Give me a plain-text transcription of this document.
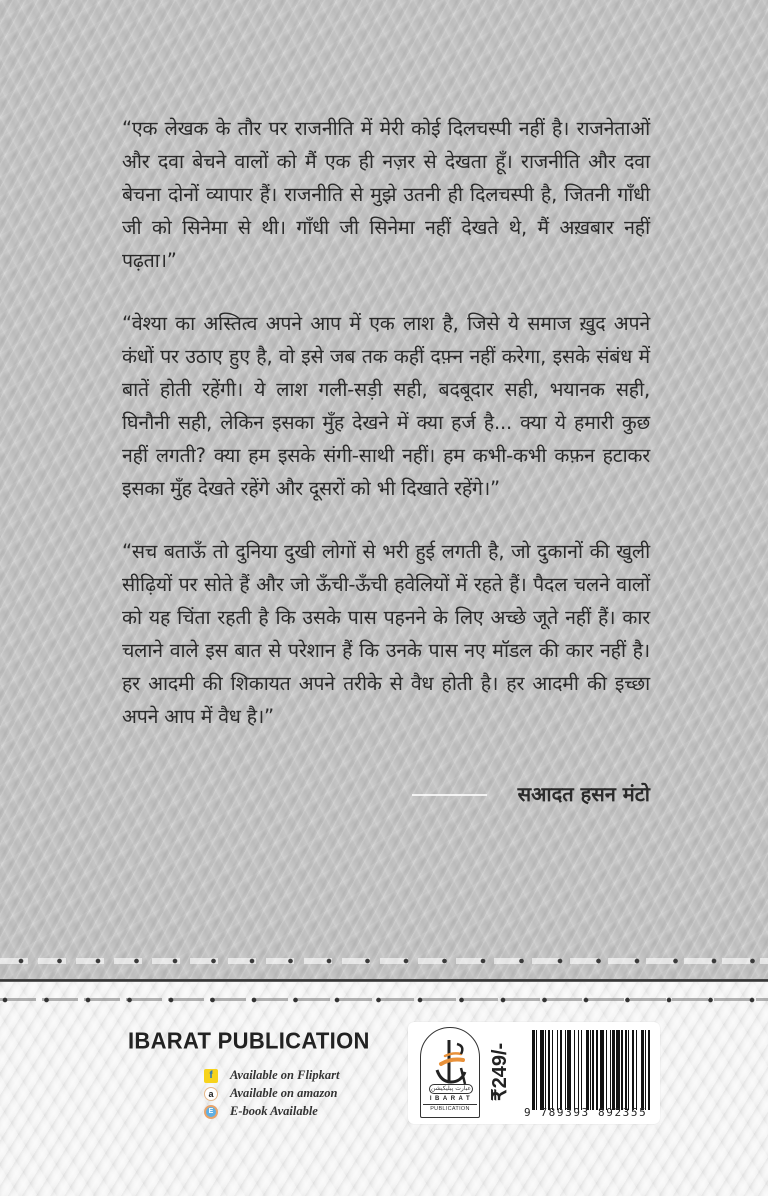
“एक लेखक के तौर पर राजनीति में मेरी कोई दिलचस्पी नहीं है। राजनेताओं और दवा बेचने वालों को मैं एक ही नज़र से देखता हूँ। राजनीति और दवा बेचना दोनों व्यापार हैं। राजनीति से मुझे उतनी ही दिलचस्पी है, जितनी गाँधी जी को सिनेमा से थी। गाँधी जी सिनेमा नहीं देखते थे, मैं अख़बार नहीं पढ़ता।”

“वेश्या का अस्तित्व अपने आप में एक लाश है, जिसे ये समाज ख़ुद अपने कंधों पर उठाए हुए है, वो इसे जब तक कहीं दफ़्न नहीं करेगा, इसके संबंध में बातें होती रहेंगी। ये लाश गली-सड़ी सही, बदबूदार सही, भयानक सही, घिनौनी सही, लेकिन इसका मुँह देखने में क्या हर्ज है... क्या ये हमारी कुछ नहीं लगती? क्या हम इसके संगी-साथी नहीं। हम कभी-कभी कफ़न हटाकर इसका मुँह देखते रहेंगे और दूसरों को भी दिखाते रहेंगे।”

“सच बताऊँ तो दुनिया दुखी लोगों से भरी हुई लगती है, जो दुकानों की खुली सीढ़ियों पर सोते हैं और जो ऊँची-ऊँची हवेलियों में रहते हैं। पैदल चलने वालों को यह चिंता रहती है कि उसके पास पहनने के लिए अच्छे जूते नहीं हैं। कार चलाने वाले इस बात से परेशान हैं कि उनके पास नए मॉडल की कार नहीं है। हर आदमी की शिकायत अपने तरीके से वैध होती है। हर आदमी की इच्छा अपने आप में वैध है।”

सआदत हसन मंटो
IBARAT PUBLICATION
f	Available on Flipkart
a	Available on amazon
E	E-book Available
عبارت پبلیکیشن
IBARAT
PUBLICATION
₹249/-
9 789393 892355
